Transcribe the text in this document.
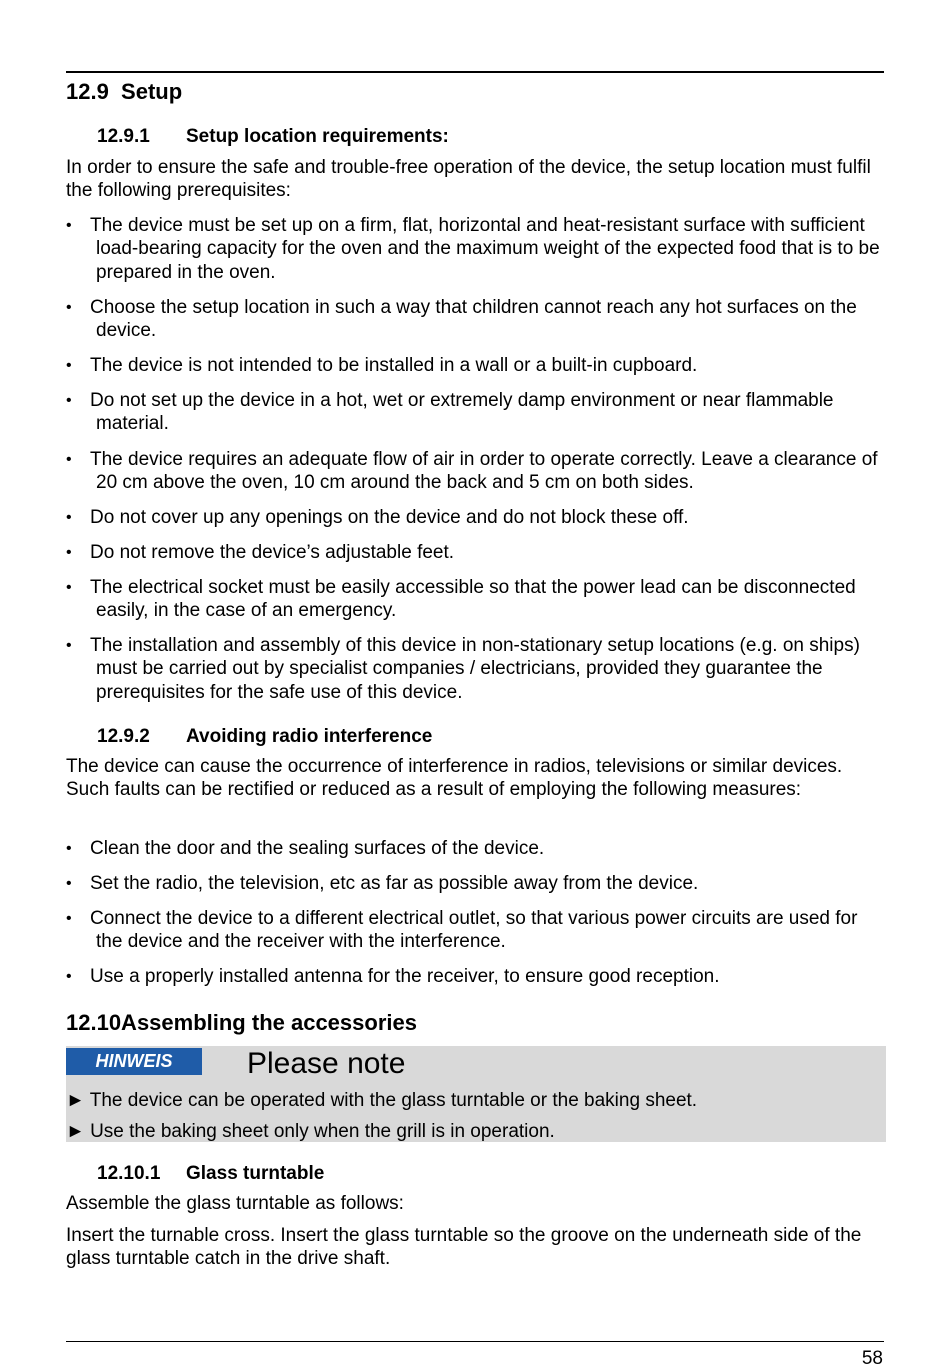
12.9  Setup
12.9.1 Setup location requirements:
In order to ensure the safe and trouble-free operation of the device, the setup location must fulfil the following prerequisites:
• The device must be set up on a firm, flat, horizontal and heat-resistant surface with sufficient load-bearing capacity for the oven and the maximum weight of the expected food that is to be prepared in the oven.
• Choose the setup location in such a way that children cannot reach any hot surfaces on the device.
• The device is not intended to be installed in a wall or a built-in cupboard.
• Do not set up the device in a hot, wet or extremely damp environment or near flammable material.
• The device requires an adequate flow of air in order to operate correctly. Leave a clearance of 20 cm above the oven, 10 cm around the back and 5 cm on both sides.
• Do not cover up any openings on the device and do not block these off.
• Do not remove the device’s adjustable feet.
• The electrical socket must be easily accessible so that the power lead can be disconnected easily, in the case of an emergency.
• The installation and assembly of this device in non-stationary setup locations (e.g. on ships) must be carried out by specialist companies / electricians, provided they guarantee the prerequisites for the safe use of this device.
12.9.2 Avoiding radio interference
The device can cause the occurrence of interference in radios, televisions or similar devices. Such faults can be rectified or reduced as a result of employing the following measures:
• Clean the door and the sealing surfaces of the device.
• Set the radio, the television, etc as far as possible away from the device.
• Connect the device to a different electrical outlet, so that various power circuits are used for the device and the receiver with the interference.
• Use a properly installed antenna for the receiver, to ensure good reception.
12.10Assembling the accessories
HINWEIS	Please note
► The device can be operated with the glass turntable or the baking sheet.
► Use the baking sheet only when the grill is in operation.
12.10.1 Glass turntable
Assemble the glass turntable as follows:
Insert the turnable cross. Insert the glass turntable so the groove on the underneath side of the glass turntable catch in the drive shaft.
58
